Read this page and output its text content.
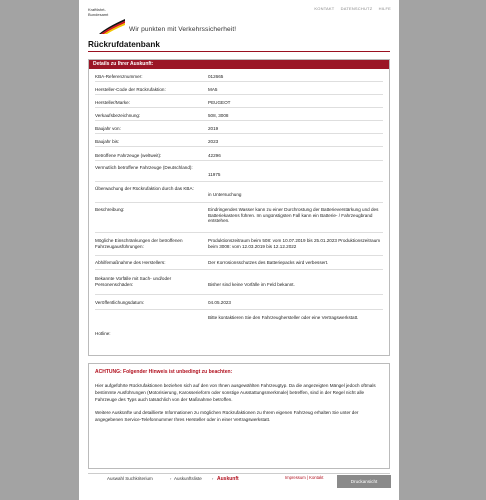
Kraftfahrt-
Bundesamt
Wir punkten mit Verkehrssicherheit!
KONTAKT DATENSCHUTZ HILFE
Rückrufdatenbank
Details zu Ihrer Auskunft:
KBA-Referenznummer:	012665
Hersteller-Code der Rückrufaktion:	MA5
Hersteller/Marke:	PEUGEOT
Verkaufsbezeichnung:	508, 3008
Baujahr von:	2019
Baujahr bis:	2023
Betroffene Fahrzeuge (weltweit):	42296
Vermutlich betroffene Fahrzeuge (Deutschland):
11975
Überwachung der Rückrufaktion durch das KBA:
in Untersuchung
Beschreibung:	Eindringendes Wasser kann zu einer Durchrostung der Batterieverstärkung und des Batteriekastens führen. Im ungünstigsten Fall kann ein Batterie- / Fahrzeugbrand entstehen.
Mögliche Einschränkungen der betroffenen Fahrzeugausführungen:
Produktionszeitraum beim 508: vom 10.07.2019 bis 25.01.2023 Produktionszeitraum beim 3008: vom 12.03.2019 bis 12.12.2022
Abhilfemaßnahme des Herstellers:	Der Korrosionsschutzes des Batteriepacks wird verbessert.
Bekannte Vorfälle mit Sach- und/oder Personenschäden:	Bisher sind keine Vorfälle im Feld bekannt.
Veröffentlichungsdatum:	04.05.2023
Hotline:
Bitte kontaktieren Sie den Fahrzeughersteller oder eine Vertragswerkstatt.
ACHTUNG: Folgender Hinweis ist unbedingt zu beachten:

Hier aufgeführte Rückrufaktionen beziehen sich auf den von Ihnen ausgewählten Fahrzeugtyp. Da die angezeigten Mängel jedoch oftmals bestimmte Ausführungen (Motorisierung, Karosserieform oder sonstige Ausstattungsmerkmale) betreffen, sind in der Regel nicht alle Fahrzeuge des Typs auch tatsächlich von der Maßnahme betroffen.

Weitere Auskünfte und detaillierte Informationen zu möglichen Rückrufaktionen zu Ihrem eigenen Fahrzeug erhalten Sie unter der angegebenen Service-Telefonnummer Ihres Hersteller oder in einer Vertragswerkstatt.

Auswahl Suchkriterium	› Auskunftsliste	› Auskunft	Impressum | Kontakt
Druckansicht
